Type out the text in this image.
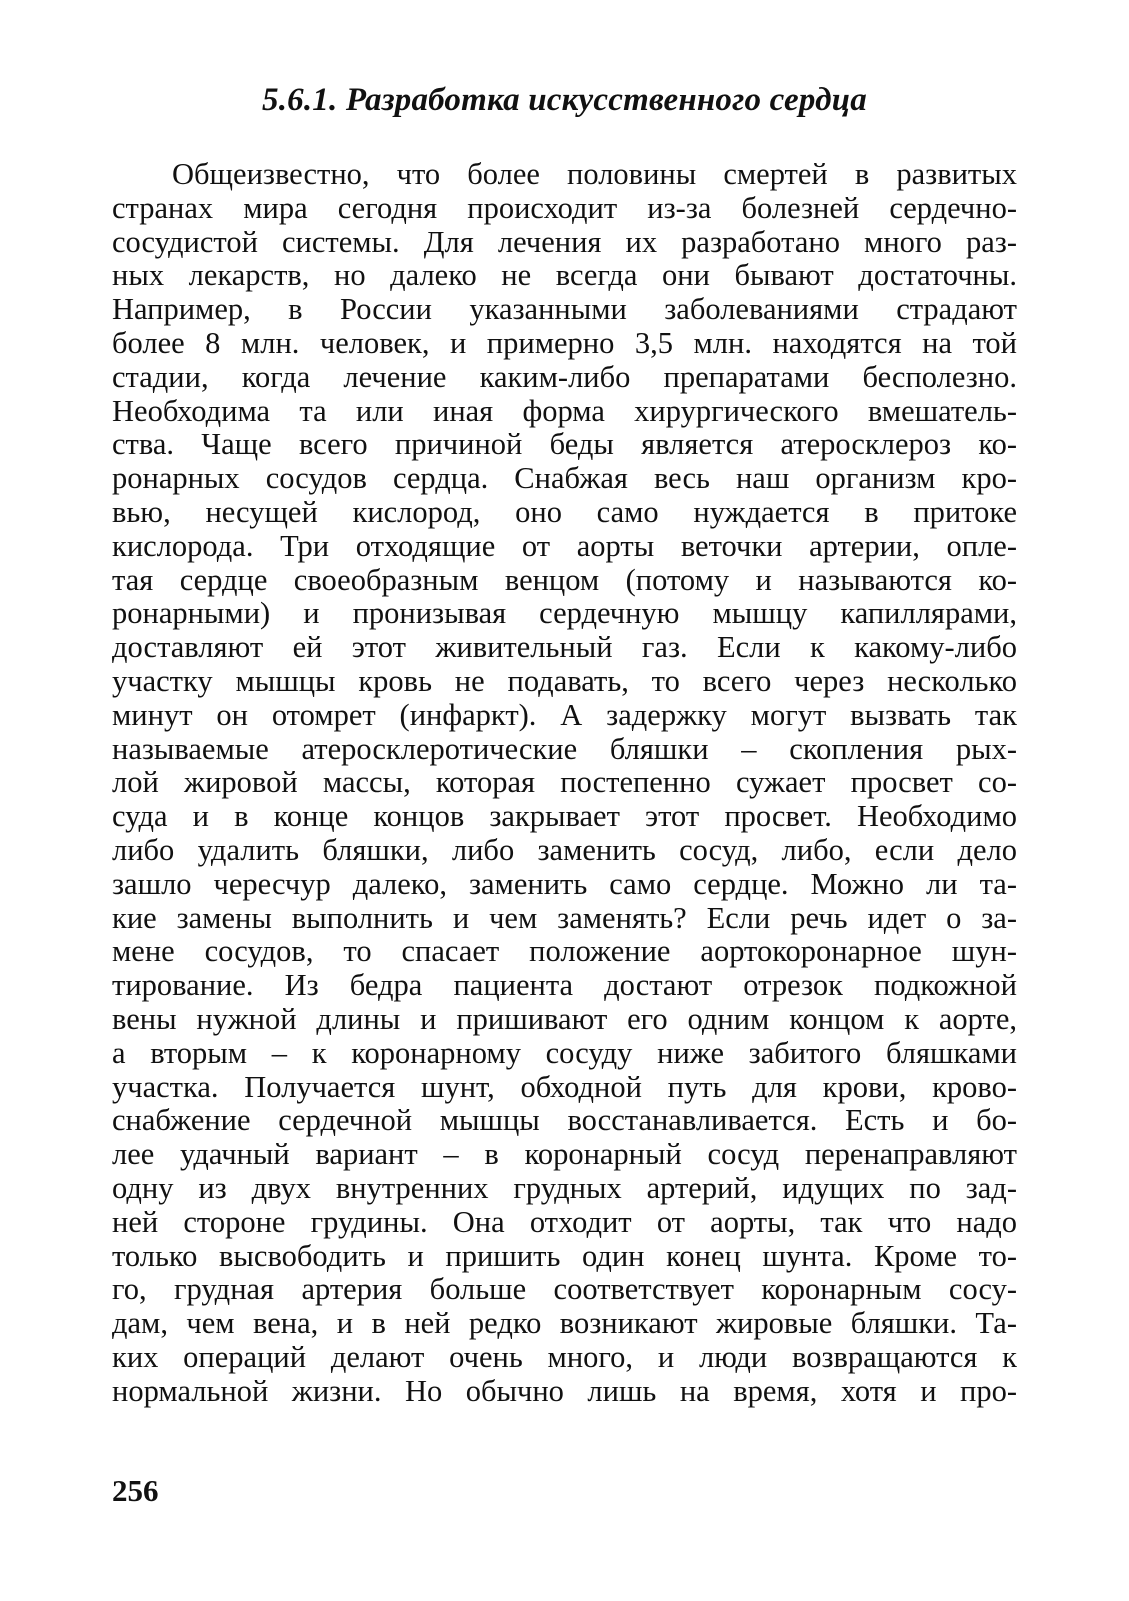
5.6.1. Разработка искусственного сердца
Общеизвестно, что более половины смертей в развитых
странах мира сегодня происходит из-за болезней сердечно-
сосудистой системы. Для лечения их разработано много раз-
ных лекарств, но далеко не всегда они бывают достаточны.
Например, в России указанными заболеваниями страдают
более 8 млн. человек, и примерно 3,5 млн. находятся на той
стадии, когда лечение каким-либо препаратами бесполезно.
Необходима та или иная форма хирургического вмешатель-
ства. Чаще всего причиной беды является атеросклероз ко-
ронарных сосудов сердца. Снабжая весь наш организм кро-
вью, несущей кислород, оно само нуждается в притоке
кислорода. Три отходящие от аорты веточки артерии, опле-
тая сердце своеобразным венцом (потому и называются ко-
ронарными) и пронизывая сердечную мышцу капиллярами,
доставляют ей этот живительный газ. Если к какому-либо
участку мышцы кровь не подавать, то всего через несколько
минут он отомрет (инфаркт). А задержку могут вызвать так
называемые атеросклеротические бляшки – скопления рых-
лой жировой массы, которая постепенно сужает просвет со-
суда и в конце концов закрывает этот просвет. Необходимо
либо удалить бляшки, либо заменить сосуд, либо, если дело
зашло чересчур далеко, заменить само сердце. Можно ли та-
кие замены выполнить и чем заменять? Если речь идет о за-
мене сосудов, то спасает положение аортокоронарное шун-
тирование. Из бедра пациента достают отрезок подкожной
вены нужной длины и пришивают его одним концом к аорте,
а вторым – к коронарному сосуду ниже забитого бляшками
участка. Получается шунт, обходной путь для крови, крово-
снабжение сердечной мышцы восстанавливается. Есть и бо-
лее удачный вариант – в коронарный сосуд перенаправляют
одну из двух внутренних грудных артерий, идущих по зад-
ней стороне грудины. Она отходит от аорты, так что надо
только высвободить и пришить один конец шунта. Кроме то-
го, грудная артерия больше соответствует коронарным сосу-
дам, чем вена, и в ней редко возникают жировые бляшки. Та-
ких операций делают очень много, и люди возвращаются к
нормальной жизни. Но обычно лишь на время, хотя и про-
256
